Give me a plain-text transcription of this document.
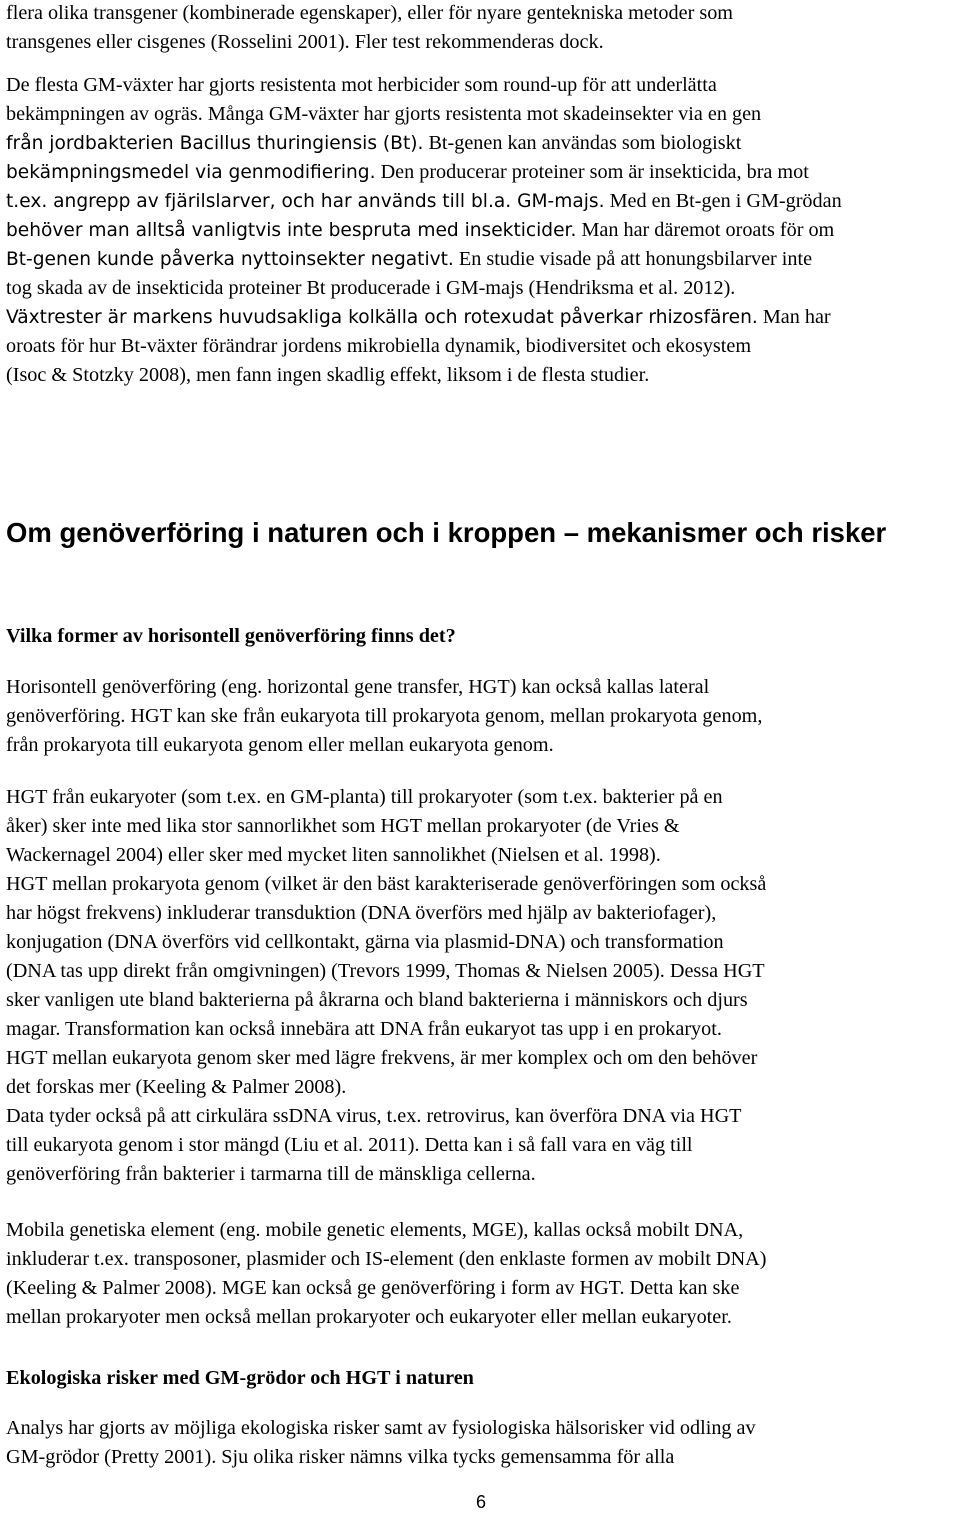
flera olika transgener (kombinerade egenskaper), eller för nyare gentekniska metoder som
transgenes eller cisgenes (Rosselini 2001). Fler test rekommenderas dock.
De flesta GM-växter har gjorts resistenta mot herbicider som round-up för att underlätta
bekämpningen av ogräs. Många GM-växter har gjorts resistenta mot skadeinsekter via en gen
från jordbakterien Bacillus thuringiensis (Bt). Bt-genen kan användas som biologiskt
bekämpningsmedel via genmodifiering. Den producerar proteiner som är insekticida, bra mot
t.ex. angrepp av fjärilslarver, och har används till bl.a. GM-majs. Med en Bt-gen i GM-grödan
behöver man alltså vanligtvis inte bespruta med insekticider. Man har däremot oroats för om
Bt-genen kunde påverka nyttoinsekter negativt. En studie visade på att honungsbilarver inte
tog skada av de insekticida proteiner Bt producerade i GM-majs (Hendriksma et al. 2012).
Växtrester är markens huvudsakliga kolkälla och rotexudat påverkar rhizosfären. Man har
oroats för hur Bt-växter förändrar jordens mikrobiella dynamik, biodiversitet och ekosystem
(Isoc & Stotzky 2008), men fann ingen skadlig effekt, liksom i de flesta studier.
Om genöverföring i naturen och i kroppen – mekanismer och risker
Vilka former av horisontell genöverföring finns det?
Horisontell genöverföring (eng. horizontal gene transfer, HGT) kan också kallas lateral
genöverföring. HGT kan ske från eukaryota till prokaryota genom, mellan prokaryota genom,
från prokaryota till eukaryota genom eller mellan eukaryota genom.
HGT från eukaryoter (som t.ex. en GM-planta) till prokaryoter (som t.ex. bakterier på en
åker) sker inte med lika stor sannorlikhet som HGT mellan prokaryoter (de Vries &
Wackernagel 2004) eller sker med mycket liten sannolikhet (Nielsen et al. 1998).
HGT mellan prokaryota genom (vilket är den bäst karakteriserade genöverföringen som också
har högst frekvens) inkluderar transduktion (DNA överförs med hjälp av bakteriofager),
konjugation (DNA överförs vid cellkontakt, gärna via plasmid-DNA) och transformation
(DNA tas upp direkt från omgivningen) (Trevors 1999, Thomas & Nielsen 2005). Dessa HGT
sker vanligen ute bland bakterierna på åkrarna och bland bakterierna i människors och djurs
magar. Transformation kan också innebära att DNA från eukaryot tas upp i en prokaryot.
HGT mellan eukaryota genom sker med lägre frekvens, är mer komplex och om den behöver
det forskas mer (Keeling & Palmer 2008).
Data tyder också på att cirkulära ssDNA virus, t.ex. retrovirus, kan överföra DNA via HGT
till eukaryota genom i stor mängd (Liu et al. 2011). Detta kan i så fall vara en väg till
genöverföring från bakterier i tarmarna till de mänskliga cellerna.
Mobila genetiska element (eng. mobile genetic elements, MGE), kallas också mobilt DNA,
inkluderar t.ex. transposoner, plasmider och IS-element (den enklaste formen av mobilt DNA)
(Keeling & Palmer 2008). MGE kan också ge genöverföring i form av HGT. Detta kan ske
mellan prokaryoter men också mellan prokaryoter och eukaryoter eller mellan eukaryoter.
Ekologiska risker med GM-grödor och HGT i naturen
Analys har gjorts av möjliga ekologiska risker samt av fysiologiska hälsorisker vid odling av
GM-grödor (Pretty 2001). Sju olika risker nämns vilka tycks gemensamma för alla
6
